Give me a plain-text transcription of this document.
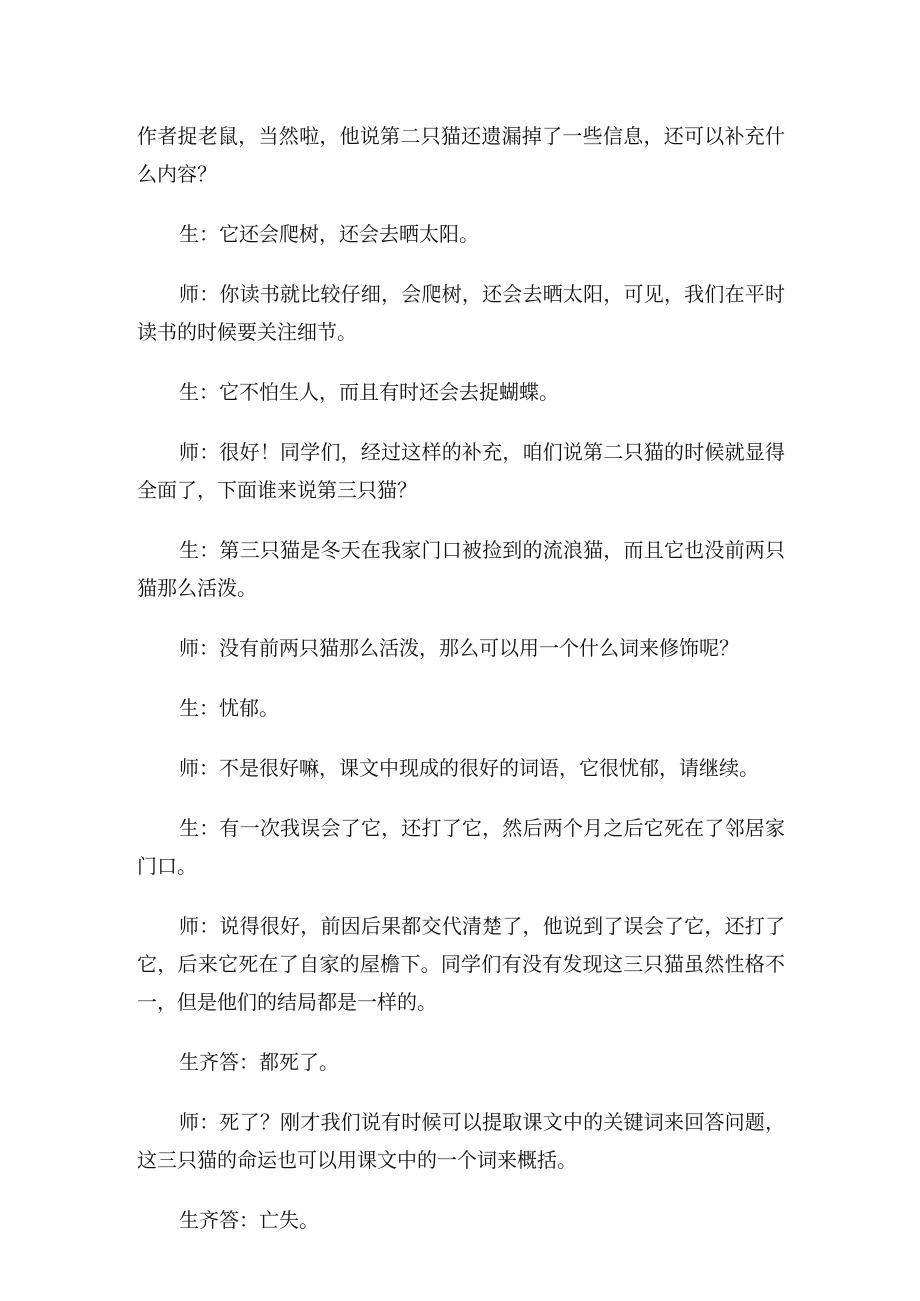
作者捉老鼠，当然啦，他说第二只猫还遗漏掉了一些信息，还可以补充什么内容？

生：它还会爬树，还会去晒太阳。

师：你读书就比较仔细，会爬树，还会去晒太阳，可见，我们在平时读书的时候要关注细节。

生：它不怕生人，而且有时还会去捉蝴蝶。

师：很好！同学们，经过这样的补充，咱们说第二只猫的时候就显得全面了，下面谁来说第三只猫？

生：第三只猫是冬天在我家门口被捡到的流浪猫，而且它也没前两只猫那么活泼。

师：没有前两只猫那么活泼，那么可以用一个什么词来修饰呢？

生：忧郁。

师：不是很好嘛，课文中现成的很好的词语，它很忧郁，请继续。

生：有一次我误会了它，还打了它，然后两个月之后它死在了邻居家门口。

师：说得很好，前因后果都交代清楚了，他说到了误会了它，还打了它，后来它死在了自家的屋檐下。同学们有没有发现这三只猫虽然性格不一，但是他们的结局都是一样的。

生齐答：都死了。

师：死了？刚才我们说有时候可以提取课文中的关键词来回答问题，这三只猫的命运也可以用课文中的一个词来概括。

生齐答：亡失。
